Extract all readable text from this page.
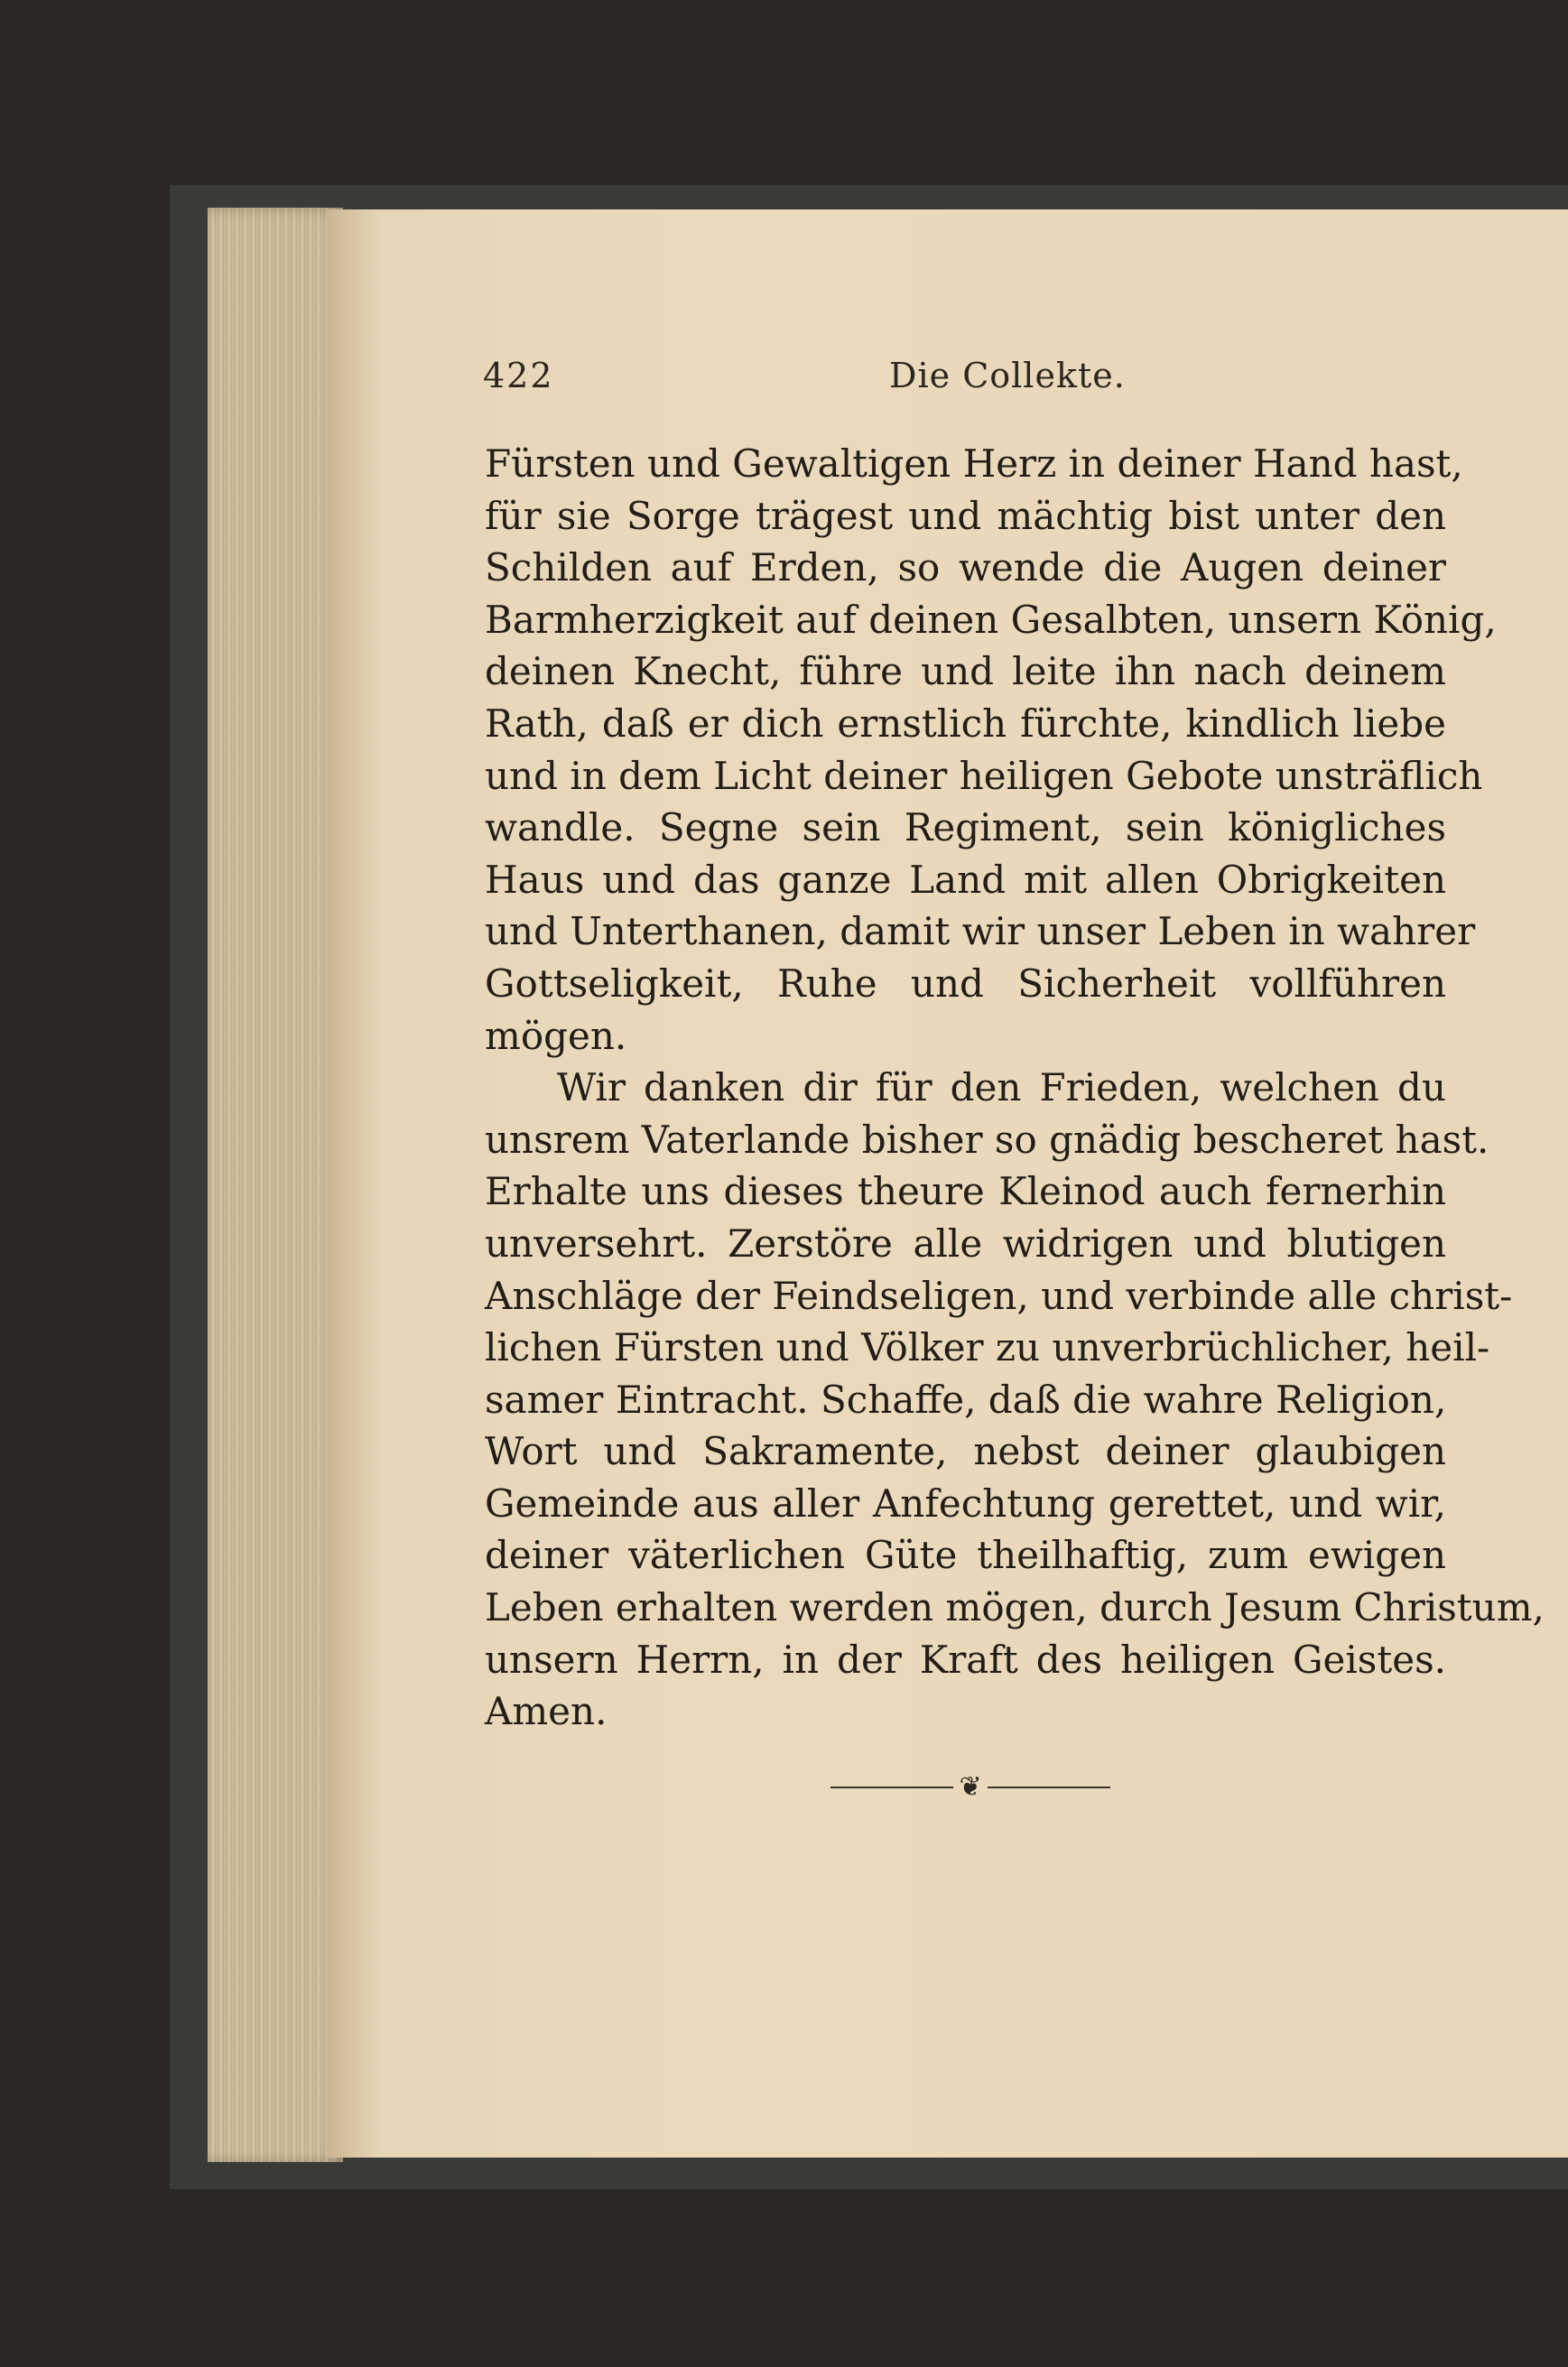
422	Die Collekte.
Fürsten und Gewaltigen Herz in deiner Hand hast,
für sie Sorge trägest und mächtig bist unter den
Schilden auf Erden, so wende die Augen deiner
Barmherzigkeit auf deinen Gesalbten, unsern König,
deinen Knecht, führe und leite ihn nach deinem
Rath, daß er dich ernstlich fürchte, kindlich liebe
und in dem Licht deiner heiligen Gebote unsträflich
wandle. Segne sein Regiment, sein königliches
Haus und das ganze Land mit allen Obrigkeiten
und Unterthanen, damit wir unser Leben in wahrer
Gottseligkeit, Ruhe und Sicherheit vollführen
mögen.
Wir danken dir für den Frieden, welchen du
unsrem Vaterlande bisher so gnädig bescheret hast.
Erhalte uns dieses theure Kleinod auch fernerhin
unversehrt. Zerstöre alle widrigen und blutigen
Anschläge der Feindseligen, und verbinde alle christ-
lichen Fürsten und Völker zu unverbrüchlicher, heil-
samer Eintracht. Schaffe, daß die wahre Religion,
Wort und Sakramente, nebst deiner glaubigen
Gemeinde aus aller Anfechtung gerettet, und wir,
deiner väterlichen Güte theilhaftig, zum ewigen
Leben erhalten werden mögen, durch Jesum Christum,
unsern Herrn, in der Kraft des heiligen Geistes.
Amen.
❦
